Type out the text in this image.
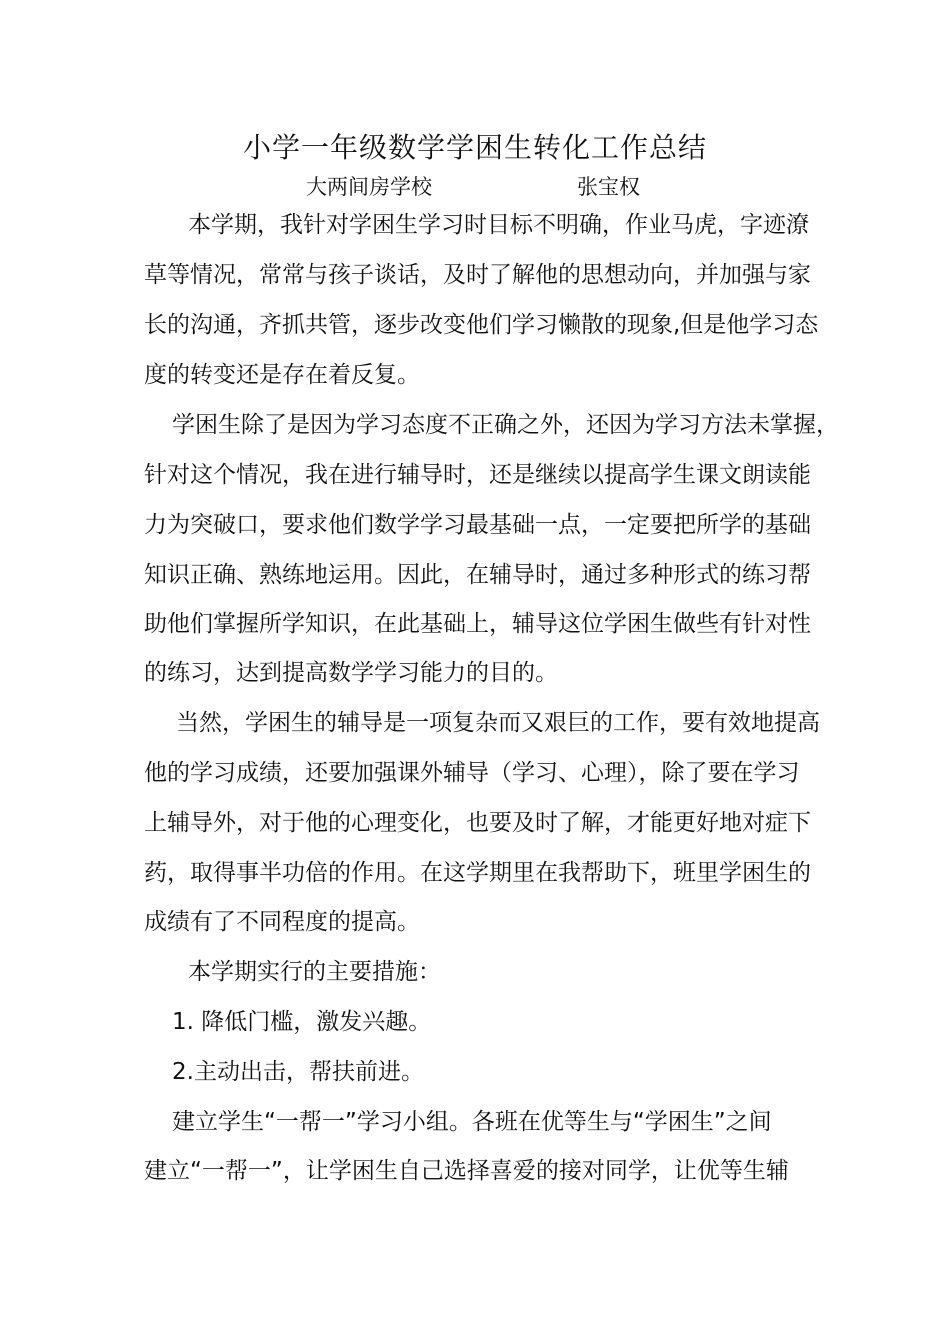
小学一年级数学学困生转化工作总结
大两间房学校	张宝权
本学期，我针对学困生学习时目标不明确，作业马虎，字迹潦
草等情况，常常与孩子谈话，及时了解他的思想动向，并加强与家
长的沟通，齐抓共管，逐步改变他们学习懒散的现象,但是他学习态
度的转变还是存在着反复。
学困生除了是因为学习态度不正确之外，还因为学习方法未掌握，
针对这个情况，我在进行辅导时，还是继续以提高学生课文朗读能
力为突破口，要求他们数学学习最基础一点，一定要把所学的基础
知识正确、熟练地运用。因此，在辅导时，通过多种形式的练习帮
助他们掌握所学知识，在此基础上，辅导这位学困生做些有针对性
的练习，达到提高数学学习能力的目的。
当然，学困生的辅导是一项复杂而又艰巨的工作，要有效地提高
他的学习成绩，还要加强课外辅导（学习、心理），除了要在学习
上辅导外，对于他的心理变化，也要及时了解，才能更好地对症下
药，取得事半功倍的作用。在这学期里在我帮助下，班里学困生的
成绩有了不同程度的提高。
本学期实行的主要措施：
1. 降低门槛，激发兴趣。
2.主动出击，帮扶前进。
建立学生“一帮一”学习小组。各班在优等生与“学困生”之间
建立“一帮一”，让学困生自己选择喜爱的接对同学，让优等生辅
